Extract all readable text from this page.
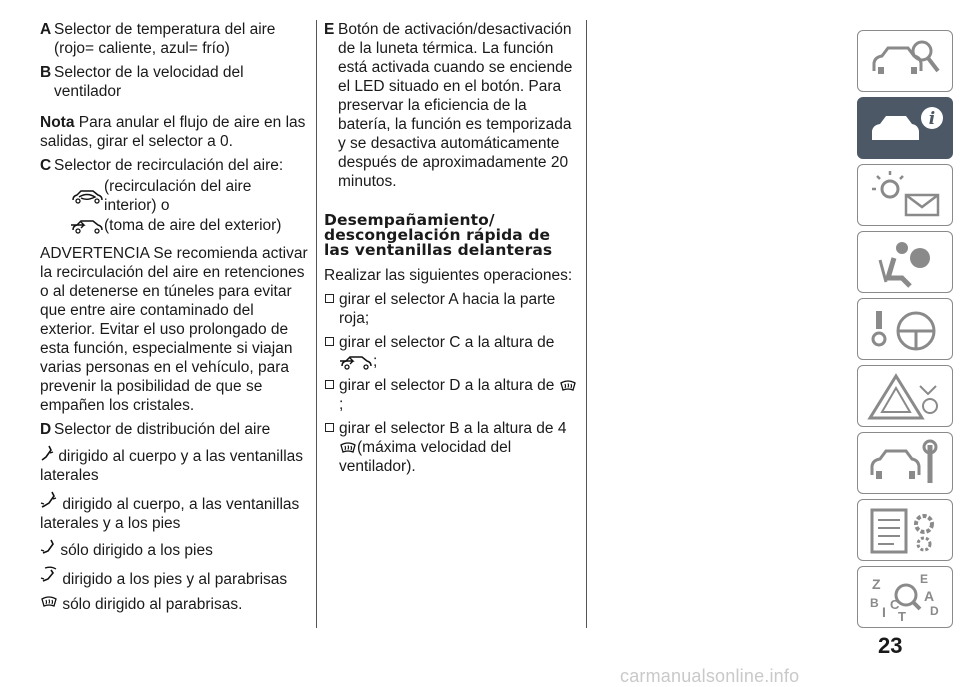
A Selector de temperatura del aire (rojo= caliente, azul= frío)
B Selector de la velocidad del ventilador

Nota Para anular el flujo de aire en las salidas, girar el selector a 0.

C Selector de recirculación del aire:
(recirculación del aire interior) o
(toma de aire del exterior)

ADVERTENCIA Se recomienda activar la recirculación del aire en retenciones o al detenerse en túneles para evitar que entre aire contaminado del exterior. Evitar el uso prolongado de esta función, especialmente si viajan varias personas en el vehículo, para prevenir la posibilidad de que se empañen los cristales.

D Selector de distribución del aire

dirigido al cuerpo y a las ventanillas laterales

dirigido al cuerpo, a las ventanillas laterales y a los pies

sólo dirigido a los pies

dirigido a los pies y al parabrisas

sólo dirigido al parabrisas.

E Botón de activación/desactivación de la luneta térmica. La función está activada cuando se enciende el LED situado en el botón. Para preservar la eficiencia de la batería, la función es temporizada y se desactiva automáticamente después de aproximadamente 20 minutos.
Desempañamiento/ descongelación rápida de las ventanillas delanteras

Realizar las siguientes operaciones:

girar el selector A hacia la parte roja;
girar el selector C a la altura de
;
girar el selector D a la altura de ;
girar el selector B a la altura de 4
(máxima velocidad del ventilador).
i
Z
B
I C
T
E
A
D
23
carmanualsonline.info
